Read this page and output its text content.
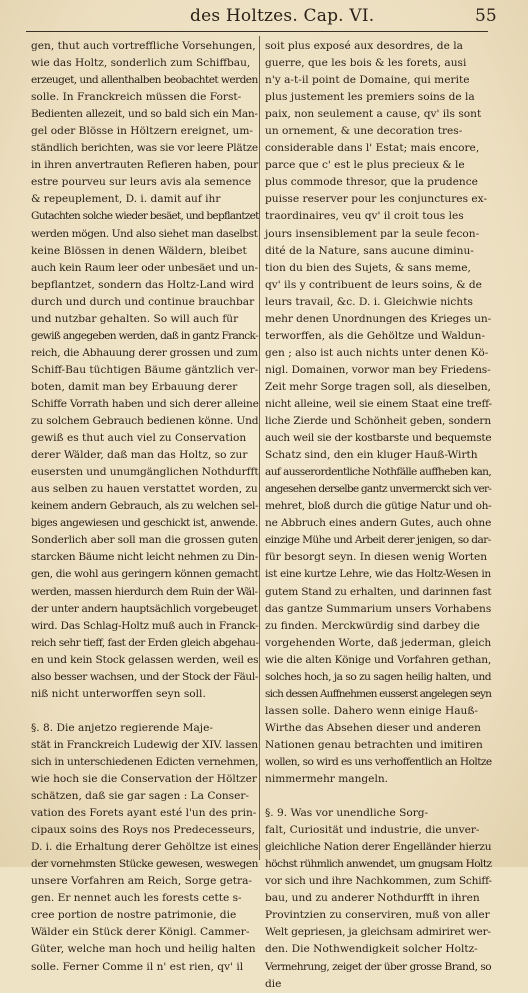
des Holtzes. Cap. VI.	55
gen, thut auch vortreffliche Vorsehungen,
wie das Holtz, sonderlich zum Schiffbau,
erzeuget, und allenthalben beobachtet werden
solle. In Franckreich müssen die Forst-
Bedienten allezeit, und so bald sich ein Man-
gel oder Blösse in Höltzern ereignet, um-
ständlich berichten, was sie vor leere Plätze
in ihren anvertrauten Refieren haben, pour
estre pourveu sur leurs avis ala semence
& repeuplement, D. i. damit auf ihr
Gutachten solche wieder besäet, und bepflantzet
werden mögen. Und also siehet man daselbst
keine Blössen in denen Wäldern, bleibet
auch kein Raum leer oder unbesäet und un-
bepflantzet, sondern das Holtz-Land wird
durch und durch und continue brauchbar
und nutzbar gehalten. So will auch für
gewiß angegeben werden, daß in gantz Franck-
reich, die Abhauung derer grossen und zum
Schiff-Bau tüchtigen Bäume gäntzlich ver-
boten, damit man bey Erbauung derer
Schiffe Vorrath haben und sich derer alleine
zu solchem Gebrauch bedienen könne. Und
gewiß es thut auch viel zu Conservation
derer Wälder, daß man das Holtz, so zur
eusersten und unumgänglichen Nothdurfft
aus selben zu hauen verstattet worden, zu
keinem andern Gebrauch, als zu welchen sel-
biges angewiesen und geschickt ist, anwende.
Sonderlich aber soll man die grossen guten
starcken Bäume nicht leicht nehmen zu Din-
gen, die wohl aus geringern können gemacht
werden, massen hierdurch dem Ruin der Wäl-
der unter andern hauptsächlich vorgebeuget
wird. Das Schlag-Holtz muß auch in Franck-
reich sehr tieff, fast der Erden gleich abgehau-
en und kein Stock gelassen werden, weil es
also besser wachsen, und der Stock der Fäul-
niß nicht unterworffen seyn soll.
§. 8. Die anjetzo regierende Maje-
stät in Franckreich Ludewig der XIV. lassen
sich in unterschiedenen Edicten vernehmen,
wie hoch sie die Conservation der Höltzer
schätzen, daß sie gar sagen : La Conser-
vation des Forets ayant esté l'un des prin-
cipaux soins des Roys nos Predecesseurs,
D. i. die Erhaltung derer Gehöltze ist eines
der vornehmsten Stücke gewesen, weswegen
unsere Vorfahren am Reich, Sorge getra-
gen. Er nennet auch les forests cette s-
cree portion de nostre patrimonie, die
Wälder ein Stück derer Königl. Cammer-
Güter, welche man hoch und heilig halten
solle. Ferner Comme il n' est rien, qv' il
soit plus exposé aux desordres, de la
guerre, que les bois & les forets, ausi
n'y a-t-il point de Domaine, qui merite
plus justement les premiers soins de la
paix, non seulement a cause, qv' ils sont
un ornement, & une decoration tres-
considerable dans l' Estat; mais encore,
parce que c' est le plus precieux & le
plus commode thresor, que la prudence
puisse reserver pour les conjunctures ex-
traordinaires, veu qv' il croit tous les
jours insensiblement par la seule fecon-
dité de la Nature, sans aucune diminu-
tion du bien des Sujets, & sans meme,
qv' ils y contribuent de leurs soins, & de
leurs travail, &c. D. i. Gleichwie nichts
mehr denen Unordnungen des Krieges un-
terworffen, als die Gehöltze und Waldun-
gen ; also ist auch nichts unter denen Kö-
nigl. Domainen, vorwor man bey Friedens-
Zeit mehr Sorge tragen soll, als dieselben,
nicht alleine, weil sie einem Staat eine treff-
liche Zierde und Schönheit geben, sondern
auch weil sie der kostbarste und bequemste
Schatz sind, den ein kluger Hauß-Wirth
auf ausserordentliche Nothfälle auffheben kan,
angesehen derselbe gantz unvermerckt sich ver-
mehret, bloß durch die gütige Natur und oh-
ne Abbruch eines andern Gutes, auch ohne
einzige Mühe und Arbeit derer jenigen, so dar-
für besorgt seyn. In diesen wenig Worten
ist eine kurtze Lehre, wie das Holtz-Wesen in
gutem Stand zu erhalten, und darinnen fast
das gantze Summarium unsers Vorhabens
zu finden. Merckwürdig sind darbey die
vorgehenden Worte, daß jederman, gleich
wie die alten Könige und Vorfahren gethan,
solches hoch, ja so zu sagen heilig halten, und
sich dessen Auffnehmen eusserst angelegen seyn
lassen solle. Dahero wenn einige Hauß-
Wirthe das Absehen dieser und anderen
Nationen genau betrachten und imitiren
wollen, so wird es uns verhoffentlich an Holtze
nimmermehr mangeln.
§. 9. Was vor unendliche Sorg-
falt, Curiosität und industrie, die unver-
gleichliche Nation derer Engelländer hierzu
höchst rühmlich anwendet, um gnugsam Holtz
vor sich und ihre Nachkommen, zum Schiff-
bau, und zu anderer Nothdurfft in ihren
Provintzien zu conserviren, muß von aller
Welt gepriesen, ja gleichsam admiriret wer-
den. Die Nothwendigkeit solcher Holtz-
Vermehrung, zeiget der über grosse Brand, so
die
